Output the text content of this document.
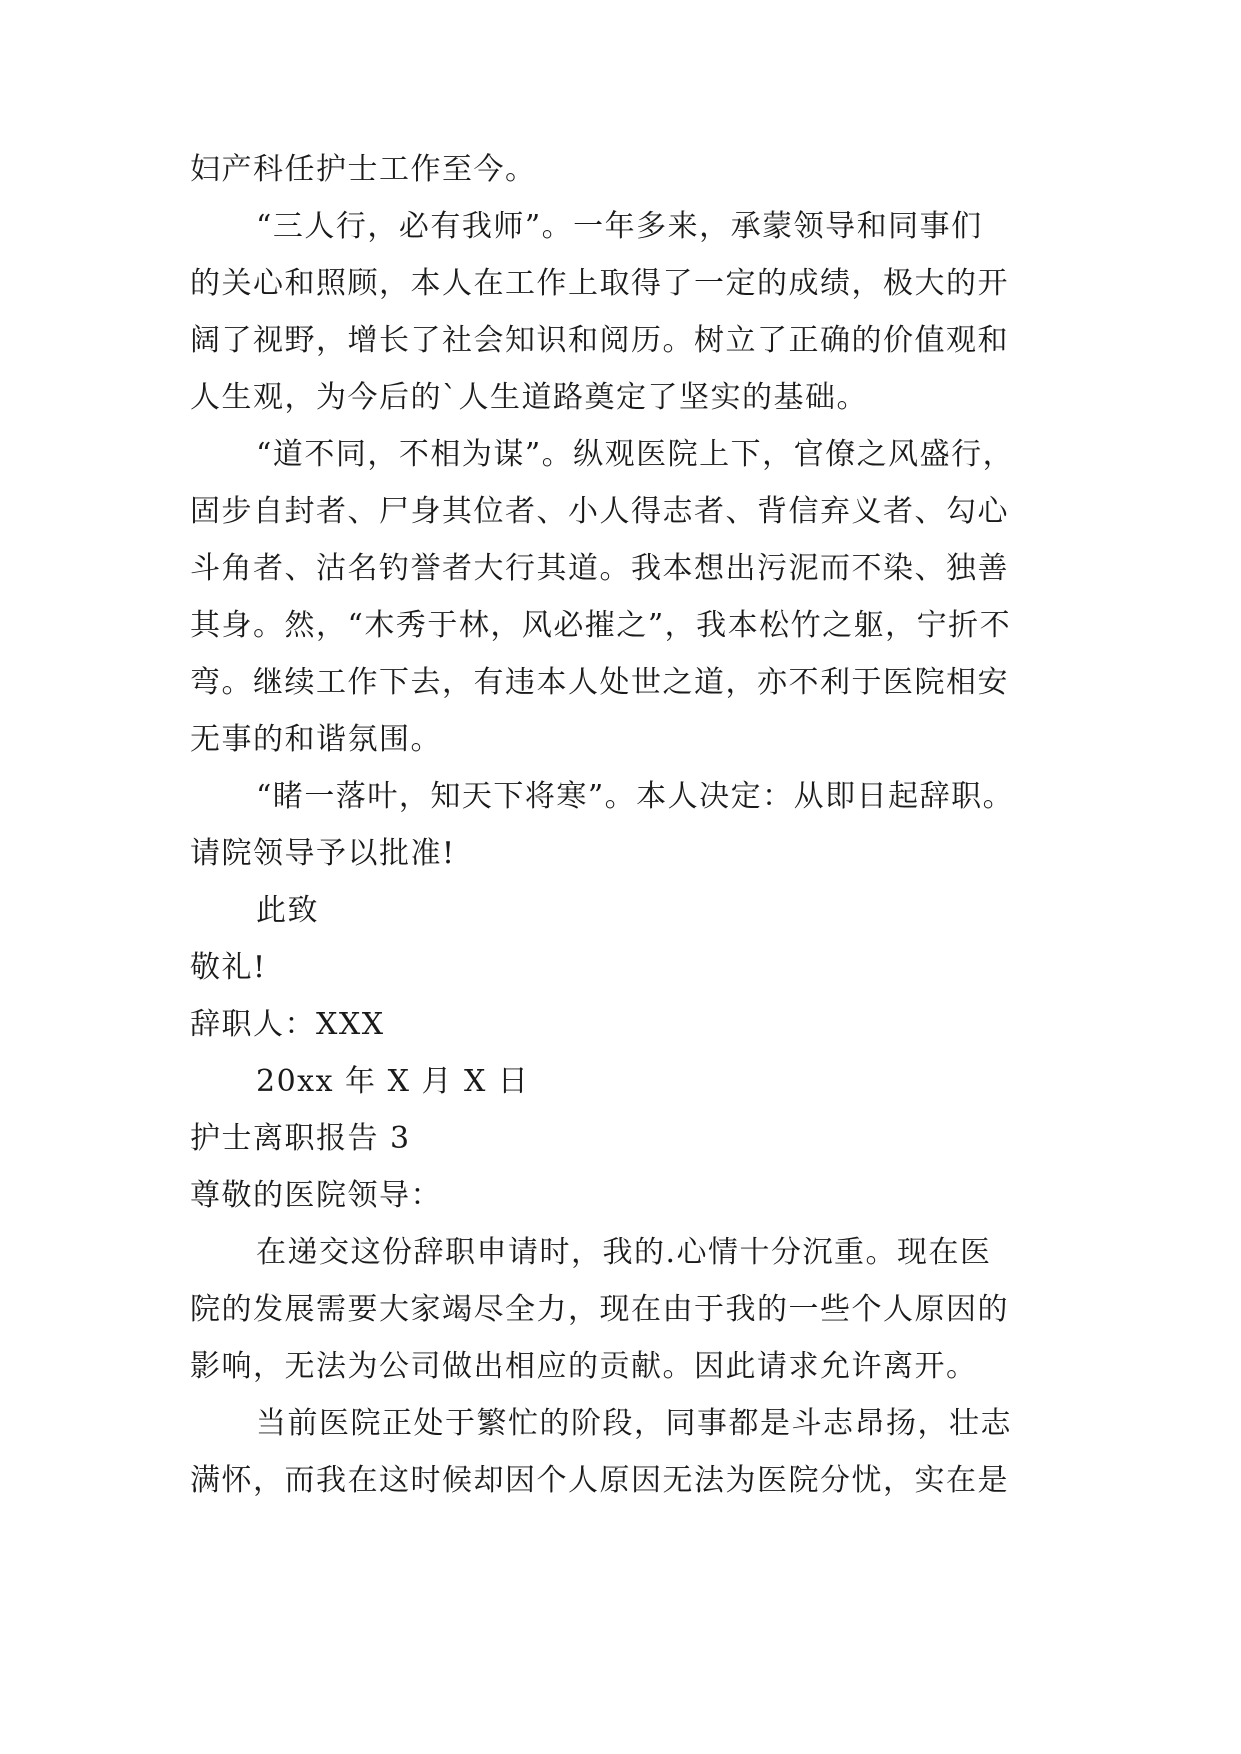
妇产科任护士工作至今。
“三人行，必有我师”。一年多来，承蒙领导和同事们
的关心和照顾，本人在工作上取得了一定的成绩，极大的开
阔了视野，增长了社会知识和阅历。树立了正确的价值观和
人生观，为今后的`人生道路奠定了坚实的基础。
“道不同，不相为谋”。纵观医院上下，官僚之风盛行，
固步自封者、尸身其位者、小人得志者、背信弃义者、勾心
斗角者、沽名钓誉者大行其道。我本想出污泥而不染、独善
其身。然，“木秀于林，风必摧之”，我本松竹之躯，宁折不
弯。继续工作下去，有违本人处世之道，亦不利于医院相安
无事的和谐氛围。
“睹一落叶，知天下将寒”。本人决定：从即日起辞职。
请院领导予以批准!
此致
敬礼!
辞职人：XXX
20xx 年 X 月 X 日
护士离职报告 3
尊敬的医院领导：
在递交这份辞职申请时，我的.心情十分沉重。现在医
院的发展需要大家竭尽全力，现在由于我的一些个人原因的
影响，无法为公司做出相应的贡献。因此请求允许离开。
当前医院正处于繁忙的阶段，同事都是斗志昂扬，壮志
满怀，而我在这时候却因个人原因无法为医院分忧，实在是
